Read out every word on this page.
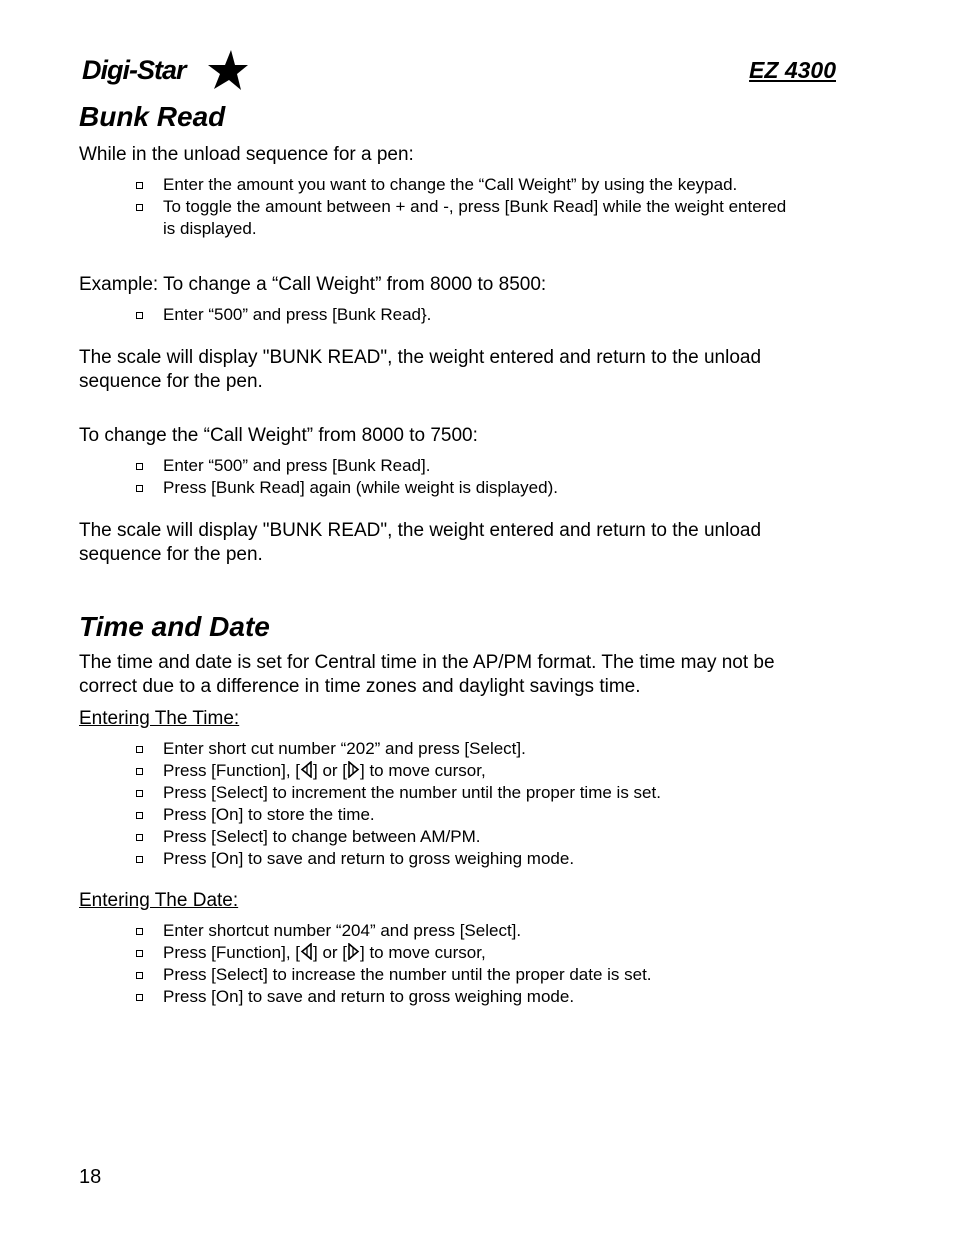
Digi-Star	EZ 4300
Bunk Read

While in the unload sequence for a pen:

Enter the amount you want to change the “Call Weight” by using the keypad.
To toggle the amount between + and -, press [Bunk Read] while the weight entered is displayed.

Example: To change a “Call Weight” from 8000 to 8500:

Enter “500” and press [Bunk Read}.

The scale will display "BUNK READ", the weight entered and return to the unload sequence for the pen.

To change the “Call Weight” from 8000 to 7500:

Enter “500” and press [Bunk Read].
Press [Bunk Read] again (while weight is displayed).

The scale will display "BUNK READ", the weight entered and return to the unload sequence for the pen.

Time and Date

The time and date is set for Central time in the AP/PM format. The time may not be correct due to a difference in time zones and daylight savings time.

Entering The Time:
Enter short cut number “202” and press [Select].
Press [Function], [ ] or [ ] to move cursor,
Press [Select] to increment the number until the proper time is set.
Press [On] to store the time.
Press [Select] to change between AM/PM.
Press [On] to save and return to gross weighing mode.
Entering The Date:
Enter shortcut number “204” and press [Select].
Press [Function], [ ] or [ ] to move cursor,
Press [Select] to increase the number until the proper date is set.
Press [On] to save and return to gross weighing mode.
18
